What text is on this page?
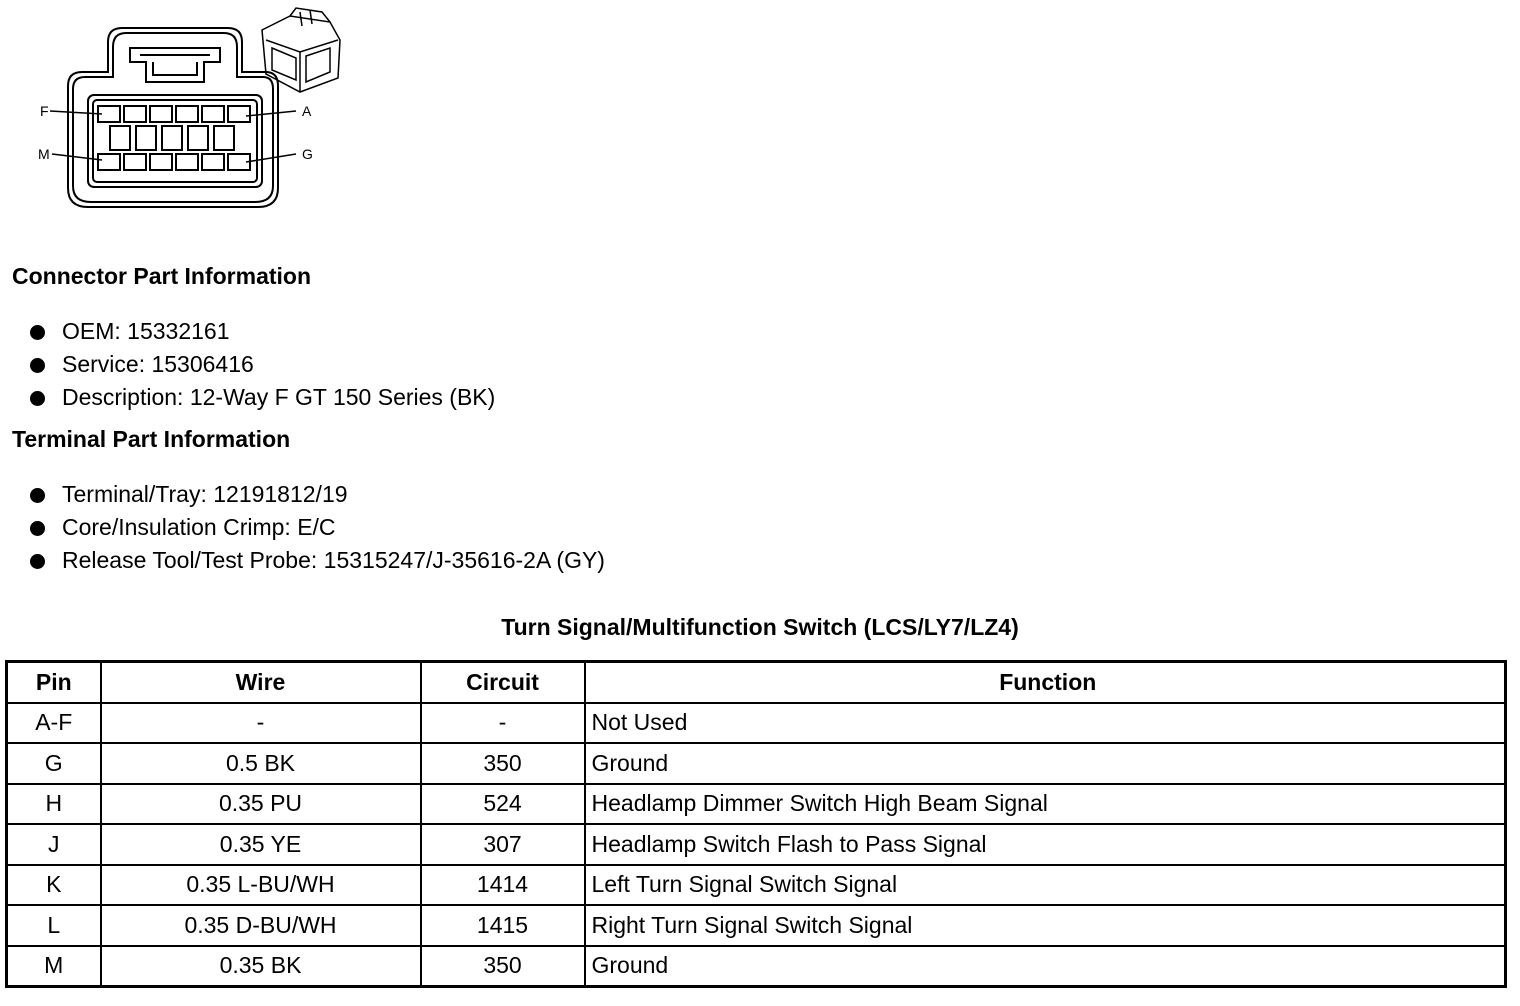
F	A
M	G
Connector Part Information
OEM: 15332161
Service: 15306416
Description: 12-Way F GT 150 Series (BK)
Terminal Part Information
Terminal/Tray: 12191812/19
Core/Insulation Crimp: E/C
Release Tool/Test Probe: 15315247/J-35616-2A (GY)
Turn Signal/Multifunction Switch (LCS/LY7/LZ4)
Pin	Wire	Circuit	Function
A-F	-	-	Not Used
G	0.5 BK	350	Ground
H	0.35 PU	524	Headlamp Dimmer Switch High Beam Signal
J	0.35 YE	307	Headlamp Switch Flash to Pass Signal
K	0.35 L-BU/WH	1414	Left Turn Signal Switch Signal
L	0.35 D-BU/WH	1415	Right Turn Signal Switch Signal
M	0.35 BK	350	Ground
